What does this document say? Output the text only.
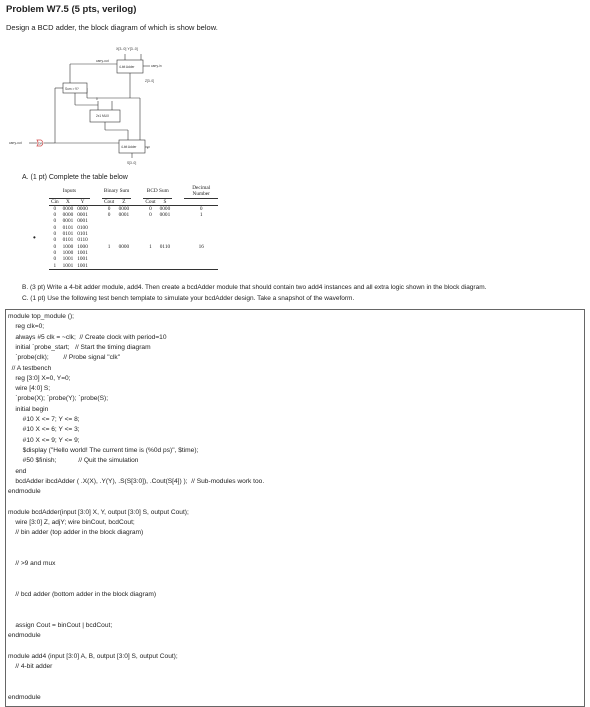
Problem W7.5 (5 pts, verilog)
Design a BCD adder, the block diagram of which is show below.
X[3..0] Y[3..0]
carry-out
4-bit Adder	carry-in
Z[3..0]
Sum > 9?
0
2x1 MUX
4-bit Adder
S[3..0]
carry-out	OR
•
A. (1 pt) Complete the table below
•
Inputs				Binary Sum			BCD Sum			Decimal Number
Cin	X	Y		Cout	Z		Cout	S		
0	0000	0000		0	0000		0	0000		0
0	0000	0001		0	0001		0	0001		1
0	0001	0001								
0	0101	0100								
0	0101	0101								
0	0101	0110								
0	1000	1000		1	0000		1	0110		16
0	1000	1001								
0	1001	1001								
1	1001	1001								
B. (3 pt) Write a 4-bit adder module, add4. Then create a bcdAdder module that should contain two add4 instances and all extra logic shown in the block diagram.
C. (1 pt) Use the following test bench template to simulate your bcdAdder design. Take a snapshot of the waveform.
module top_module ();
reg clk=0;
always #5 clk = ~clk;  // Create clock with period=10
initial `probe_start;   // Start the timing diagram
`probe(clk);        // Probe signal "clk"
// A testbench
reg [3:0] X=0, Y=0;
wire [4:0] S;
`probe(X); `probe(Y); `probe(S);
initial begin
#10 X <= 7; Y <= 8;
#10 X <= 6; Y <= 3;
#10 X <= 9; Y <= 9;
$display ("Hello world! The current time is (%0d ps)", $time);
#50 $finish;            // Quit the simulation
end
bcdAdder ibcdAdder ( .X(X), .Y(Y), .S(S[3:0]), .Cout(S[4]) );  // Sub-modules work too.
endmodule
module bcdAdder(input [3:0] X, Y, output [3:0] S, output Cout);
wire [3:0] Z, adjY; wire binCout, bcdCout;
// bin adder (top adder in the block diagram)
// >9 and mux
// bcd adder (bottom adder in the block diagram)
assign Cout = binCout | bcdCout;
endmodule
module add4 (input [3:0] A, B, output [3:0] S, output Cout);
// 4-bit adder
endmodule
